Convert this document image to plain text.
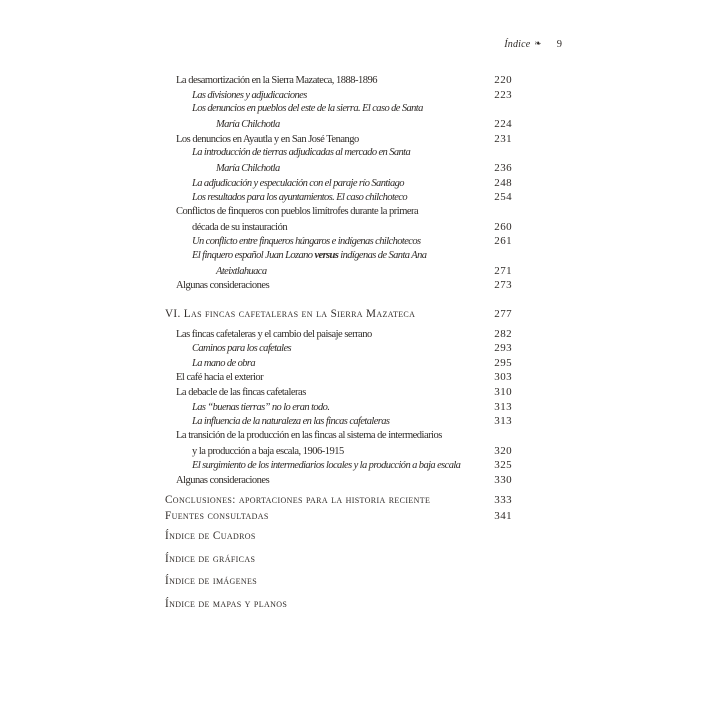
Índice ❧ 9
La desamortización en la Sierra Mazateca, 1888-1896	220
Las divisiones y adjudicaciones	223
Los denuncios en pueblos del este de la sierra. El caso de Santa
María Chilchotla	224
Los denuncios en Ayautla y en San José Tenango	231
La introducción de tierras adjudicadas al mercado en Santa
María Chilchotla	236
La adjudicación y especulación con el paraje río Santiago	248
Los resultados para los ayuntamientos. El caso chilchoteco	254
Conflictos de finqueros con pueblos limítrofes durante la primera
década de su instauración	260
Un conflicto entre finqueros húngaros e indígenas chilchotecos	261
El finquero español Juan Lozano versus indígenas de Santa Ana
Ateixtlahuaca	271
Algunas consideraciones	273
VI. Las fincas cafetaleras en la Sierra Mazateca	277
Las fincas cafetaleras y el cambio del paisaje serrano	282
Caminos para los cafetales	293
La mano de obra	295
El café hacia el exterior	303
La debacle de las fincas cafetaleras	310
Las “buenas tierras” no lo eran todo.	313
La influencia de la naturaleza en las fincas cafetaleras	313
La transición de la producción en las fincas al sistema de intermediarios
y la producción a baja escala, 1906-1915	320
El surgimiento de los intermediarios locales y la producción a baja escala	325
Algunas consideraciones	330
Conclusiones: aportaciones para la historia reciente	333
Fuentes consultadas	341
Índice de Cuadros
Índice de gráficas
Índice de imágenes
Índice de mapas y planos
